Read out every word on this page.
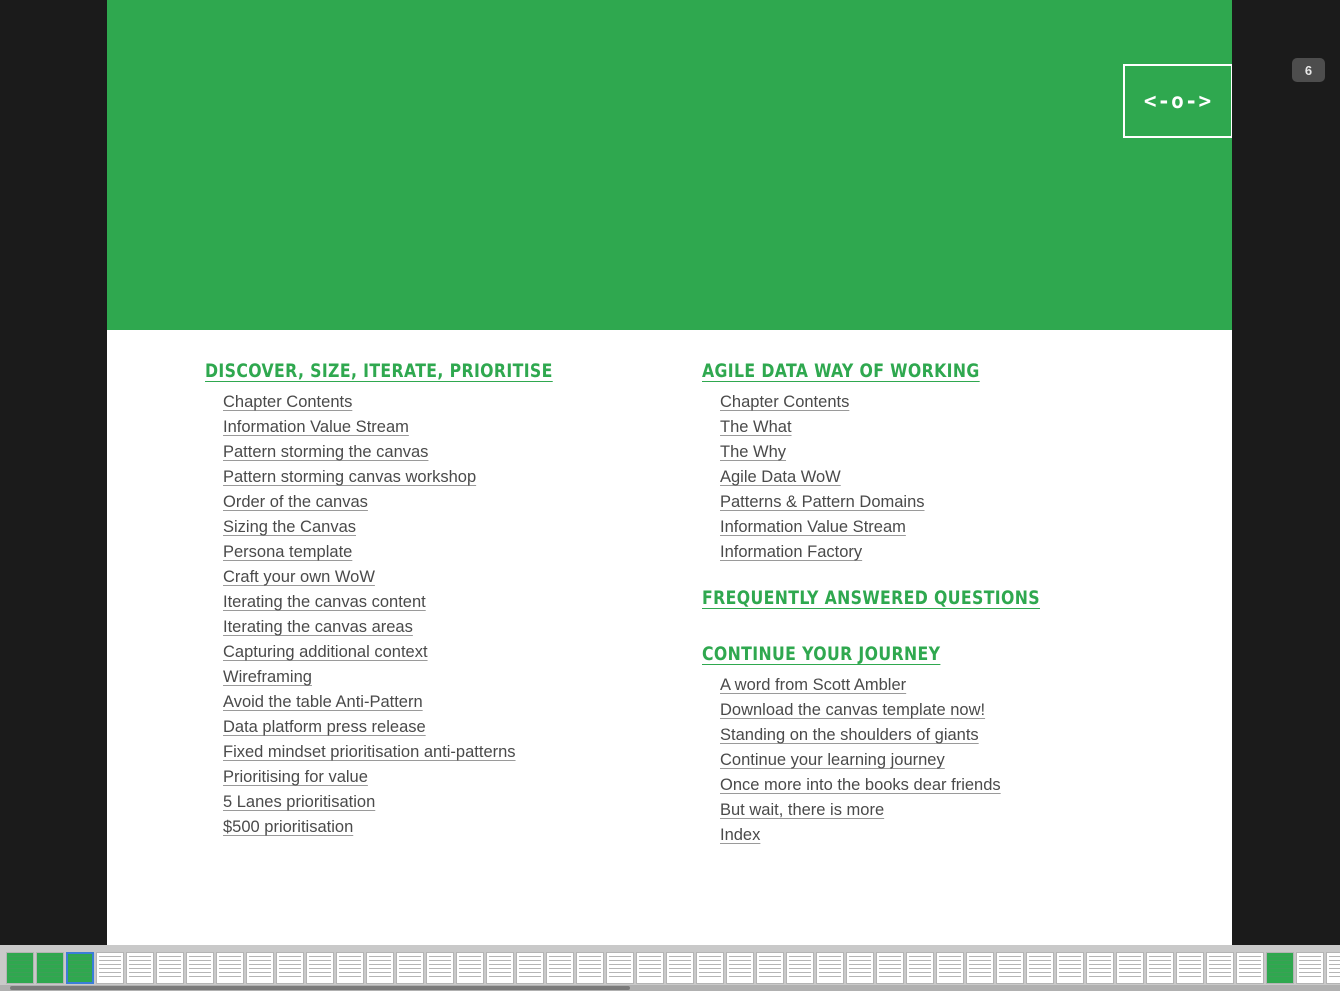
<-o->
DISCOVER, SIZE, ITERATE, PRIORITISE
Chapter Contents
Information Value Stream
Pattern storming the canvas
Pattern storming canvas workshop
Order of the canvas
Sizing the Canvas
Persona template
Craft your own WoW
Iterating the canvas content
Iterating the canvas areas
Capturing additional context
Wireframing
Avoid the table Anti-Pattern
Data platform press release
Fixed mindset prioritisation anti-patterns
Prioritising for value
5 Lanes prioritisation
$500 prioritisation
AGILE DATA WAY OF WORKING
Chapter Contents
The What
The Why
Agile Data WoW
Patterns & Pattern Domains
Information Value Stream
Information Factory
FREQUENTLY ANSWERED QUESTIONS
CONTINUE YOUR JOURNEY
A word from Scott Ambler
Download the canvas template now!
Standing on the shoulders of giants
Continue your learning journey
Once more into the books dear friends
But wait, there is more
Index
6
